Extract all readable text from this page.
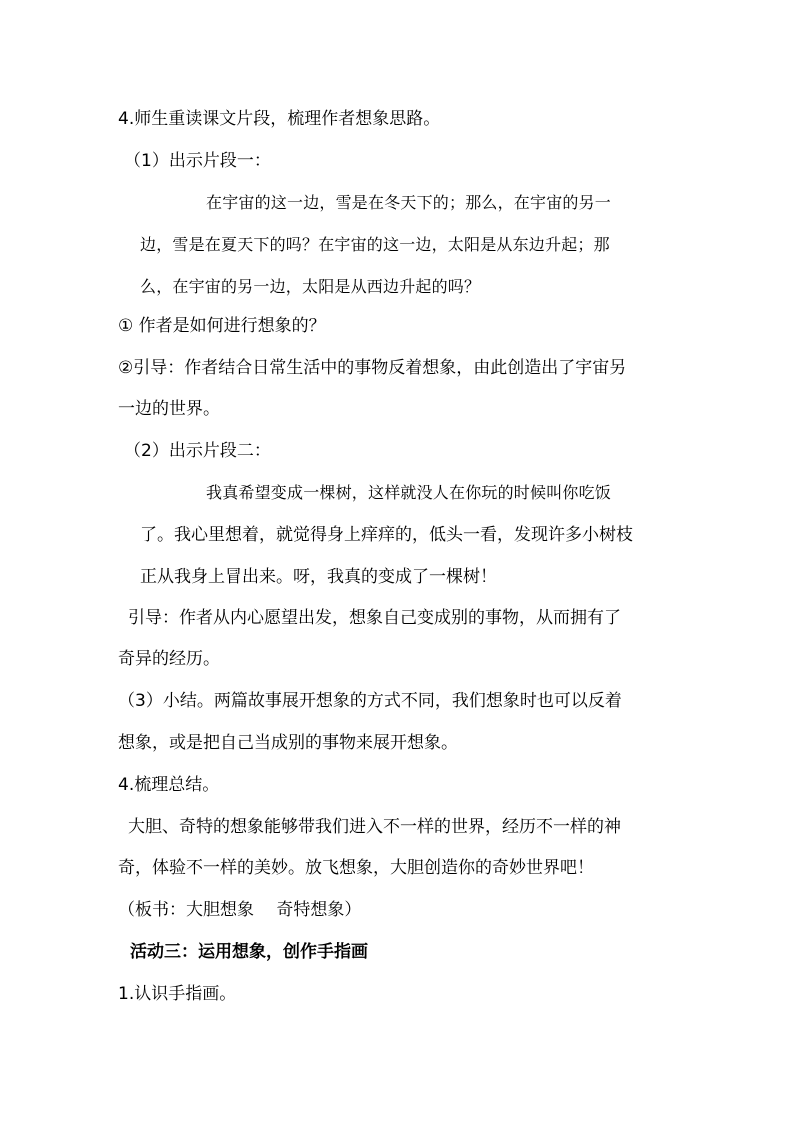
4.师生重读课文片段，梳理作者想象思路。
（1）出示片段一：
在宇宙的这一边，雪是在冬天下的；那么，在宇宙的另一
边，雪是在夏天下的吗？在宇宙的这一边，太阳是从东边升起；那
么，在宇宙的另一边，太阳是从西边升起的吗？
① 作者是如何进行想象的？
②引导：作者结合日常生活中的事物反着想象，由此创造出了宇宙另
一边的世界。
（2）出示片段二：
我真希望变成一棵树，这样就没人在你玩的时候叫你吃饭
了。我心里想着，就觉得身上痒痒的，低头一看，发现许多小树枝
正从我身上冒出来。呀，我真的变成了一棵树！
引导：作者从内心愿望出发，想象自己变成别的事物，从而拥有了
奇异的经历。
（3）小结。两篇故事展开想象的方式不同，我们想象时也可以反着
想象，或是把自己当成别的事物来展开想象。
4.梳理总结。
大胆、奇特的想象能够带我们进入不一样的世界，经历不一样的神
奇，体验不一样的美妙。放飞想象，大胆创造你的奇妙世界吧！
（板书：大胆想象　 奇特想象）
活动三：运用想象，创作手指画
1.认识手指画。
